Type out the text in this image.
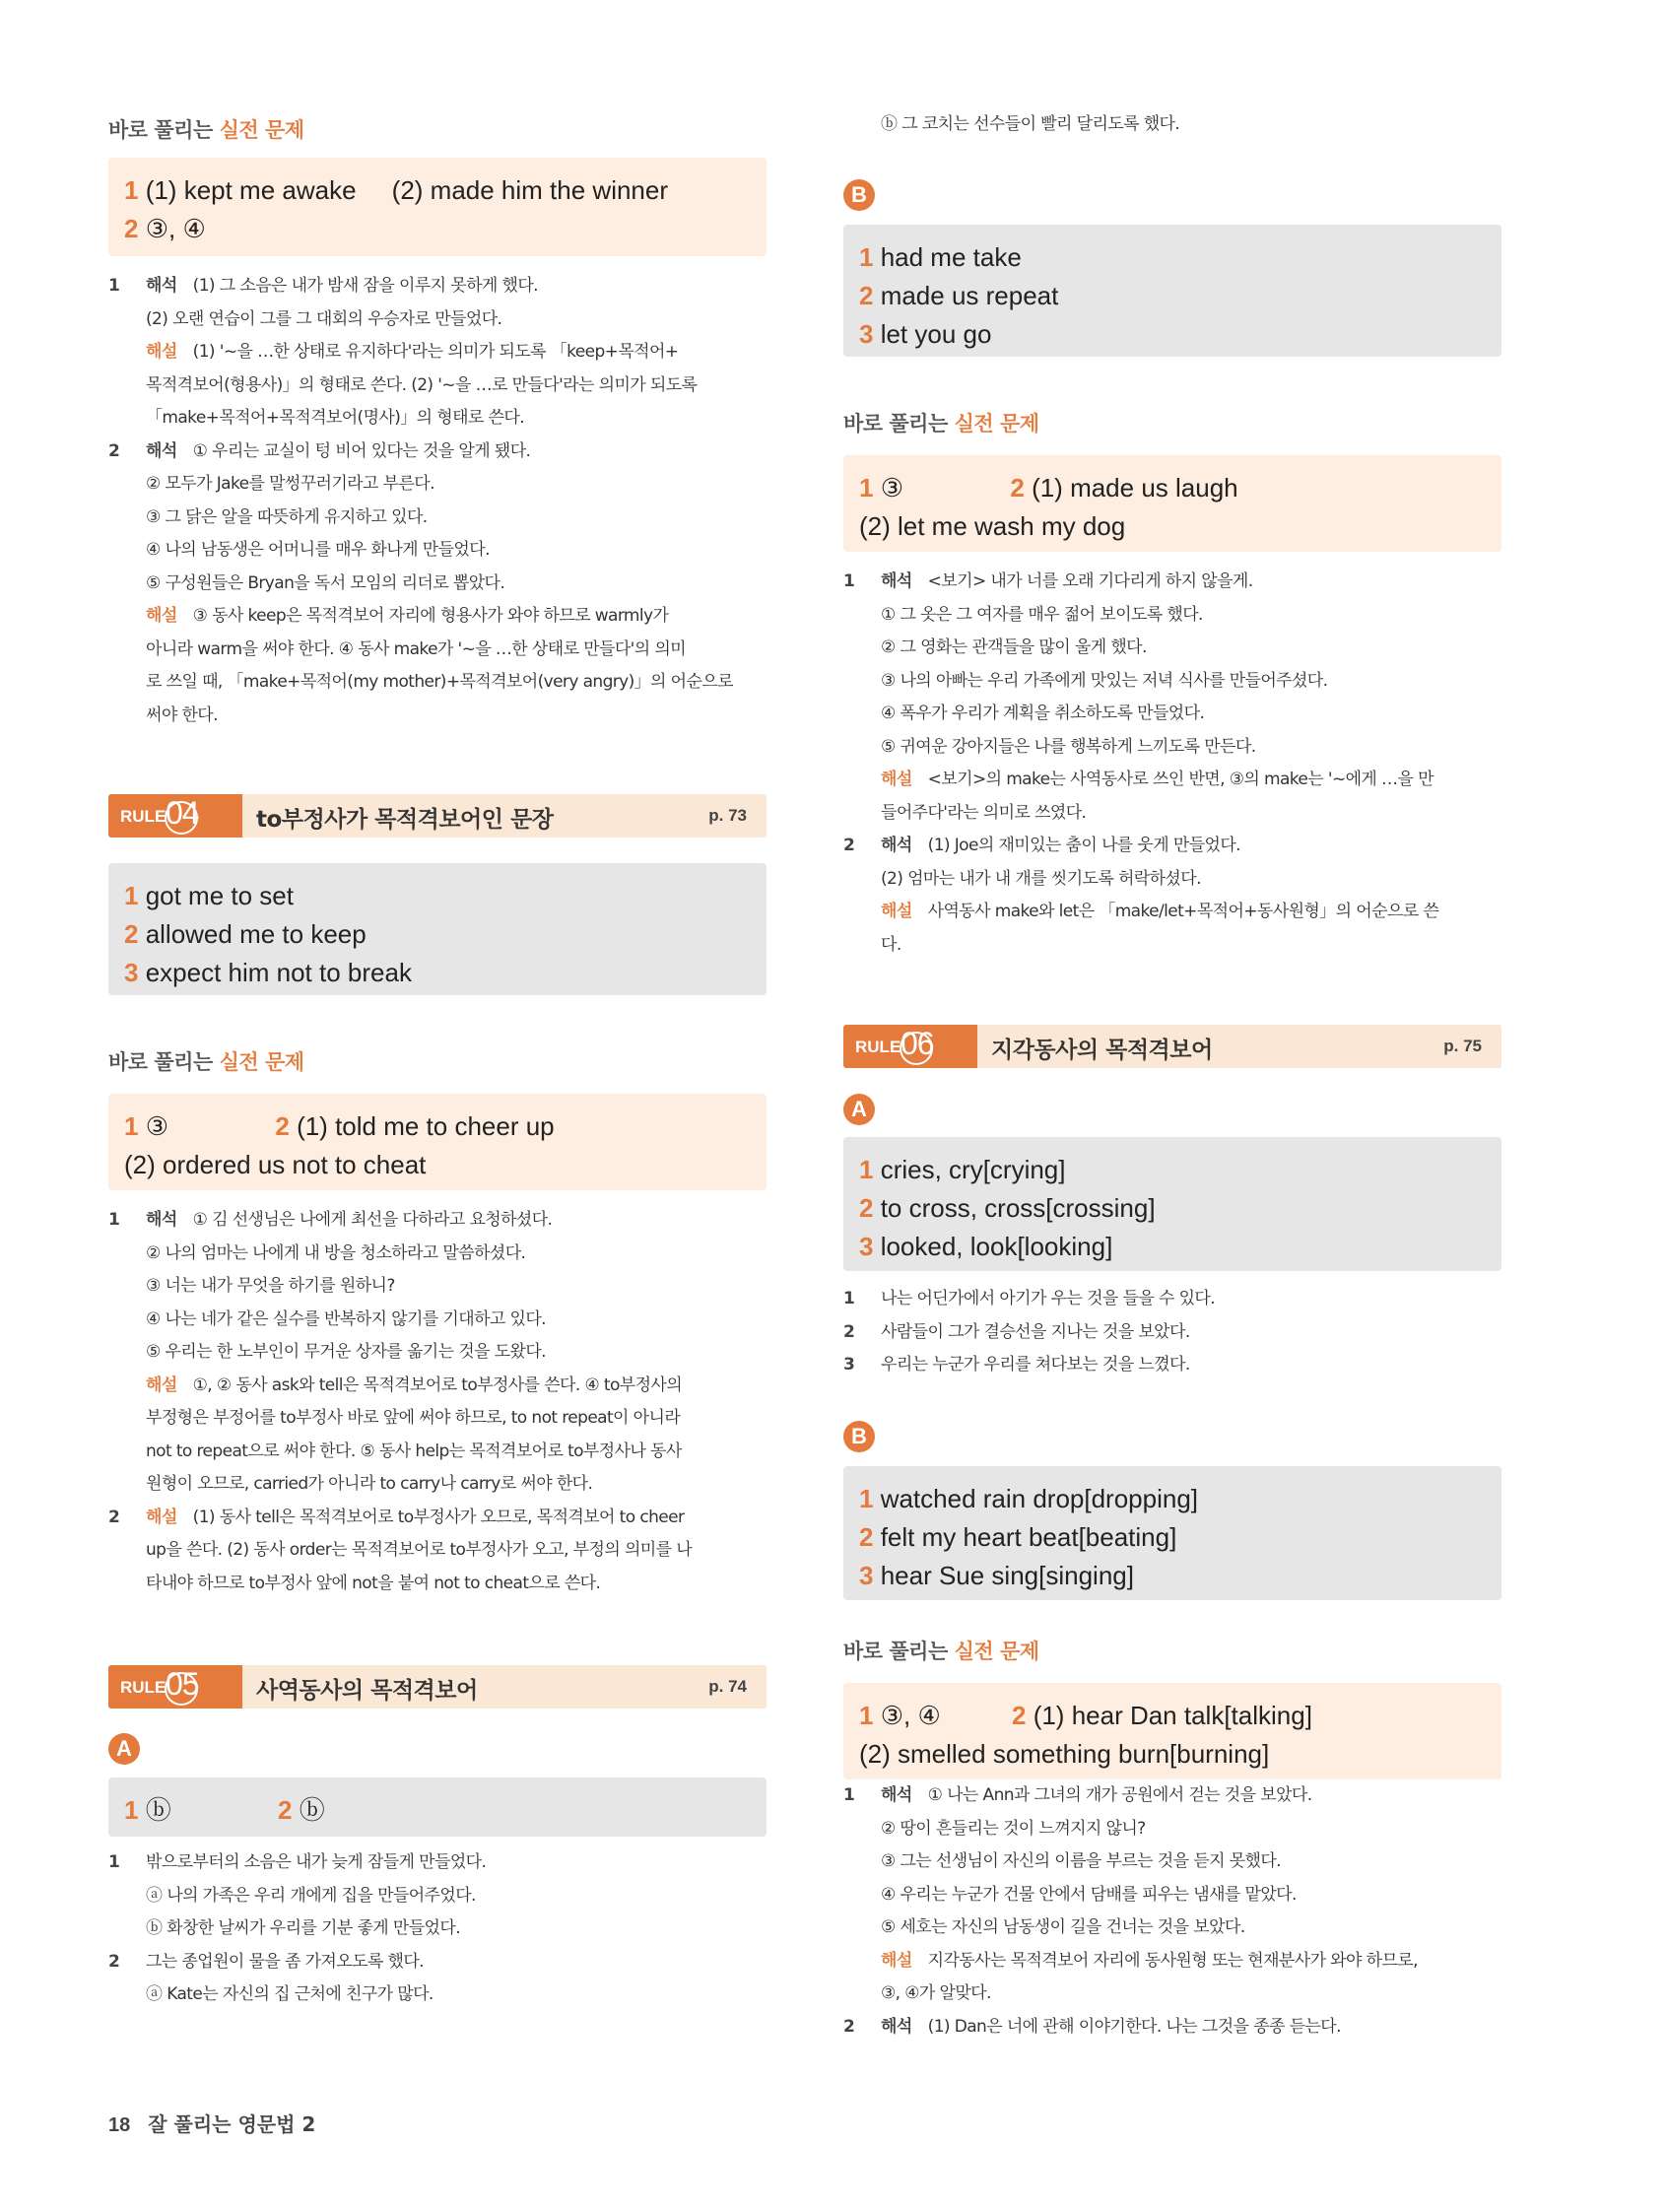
바로 풀리는 실전 문제
1 (1) kept me awake     (2) made him the winner
2 ③, ④
1 해석 (1) 그 소음은 내가 밤새 잠을 이루지 못하게 했다.
(2) 오랜 연습이 그를 그 대회의 우승자로 만들었다.
해설 (1) '~을 …한 상태로 유지하다'라는 의미가 되도록 「keep+목적어+
목적격보어(형용사)」의 형태로 쓴다. (2) '~을 …로 만들다'라는 의미가 되도록
「make+목적어+목적격보어(명사)」의 형태로 쓴다.
2 해석 ① 우리는 교실이 텅 비어 있다는 것을 알게 됐다.
② 모두가 Jake를 말썽꾸러기라고 부른다.
③ 그 닭은 알을 따뜻하게 유지하고 있다.
④ 나의 남동생은 어머니를 매우 화나게 만들었다.
⑤ 구성원들은 Bryan을 독서 모임의 리더로 뽑았다.
해설 ③ 동사 keep은 목적격보어 자리에 형용사가 와야 하므로 warmly가
아니라 warm을 써야 한다. ④ 동사 make가 '~을 …한 상태로 만들다'의 의미
로 쓰일 때, 「make+목적어(my mother)+목적격보어(very angry)」의 어순으로
써야 한다.
RULE 04	to부정사가 목적격보어인 문장	p. 73
1 got me to set
2 allowed me to keep
3 expect him not to break
바로 풀리는 실전 문제
1 ③               2 (1) told me to cheer up
(2) ordered us not to cheat
1 해석 ① 김 선생님은 나에게 최선을 다하라고 요청하셨다.
② 나의 엄마는 나에게 내 방을 청소하라고 말씀하셨다.
③ 너는 내가 무엇을 하기를 원하니?
④ 나는 네가 같은 실수를 반복하지 않기를 기대하고 있다.
⑤ 우리는 한 노부인이 무거운 상자를 옮기는 것을 도왔다.
해설 ①, ② 동사 ask와 tell은 목적격보어로 to부정사를 쓴다. ④ to부정사의
부정형은 부정어를 to부정사 바로 앞에 써야 하므로, to not repeat이 아니라
not to repeat으로 써야 한다. ⑤ 동사 help는 목적격보어로 to부정사나 동사
원형이 오므로, carried가 아니라 to carry나 carry로 써야 한다.
2 해설 (1) 동사 tell은 목적격보어로 to부정사가 오므로, 목적격보어 to cheer
up을 쓴다. (2) 동사 order는 목적격보어로 to부정사가 오고, 부정의 의미를 나
타내야 하므로 to부정사 앞에 not을 붙여 not to cheat으로 쓴다.
RULE 05	사역동사의 목적격보어	p. 74
A
1 ⓑ               2 ⓑ
1 밖으로부터의 소음은 내가 늦게 잠들게 만들었다.
ⓐ 나의 가족은 우리 개에게 집을 만들어주었다.
ⓑ 화창한 날씨가 우리를 기분 좋게 만들었다.
2 그는 종업원이 물을 좀 가져오도록 했다.
ⓐ Kate는 자신의 집 근처에 친구가 많다.
ⓑ 그 코치는 선수들이 빨리 달리도록 했다.
B
1 had me take
2 made us repeat
3 let you go
바로 풀리는 실전 문제
1 ③               2 (1) made us laugh
(2) let me wash my dog
1 해석 <보기> 내가 너를 오래 기다리게 하지 않을게.
① 그 옷은 그 여자를 매우 젊어 보이도록 했다.
② 그 영화는 관객들을 많이 울게 했다.
③ 나의 아빠는 우리 가족에게 맛있는 저녁 식사를 만들어주셨다.
④ 폭우가 우리가 계획을 취소하도록 만들었다.
⑤ 귀여운 강아지들은 나를 행복하게 느끼도록 만든다.
해설 <보기>의 make는 사역동사로 쓰인 반면, ③의 make는 '~에게 …을 만
들어주다'라는 의미로 쓰였다.
2 해석 (1) Joe의 재미있는 춤이 나를 웃게 만들었다.
(2) 엄마는 내가 내 개를 씻기도록 허락하셨다.
해설 사역동사 make와 let은 「make/let+목적어+동사원형」의 어순으로 쓴
다.
RULE 06	지각동사의 목적격보어	p. 75
A
1 cries, cry[crying]
2 to cross, cross[crossing]
3 looked, look[looking]
1 나는 어딘가에서 아기가 우는 것을 들을 수 있다.
2 사람들이 그가 결승선을 지나는 것을 보았다.
3 우리는 누군가 우리를 쳐다보는 것을 느꼈다.
B
1 watched rain drop[dropping]
2 felt my heart beat[beating]
3 hear Sue sing[singing]
바로 풀리는 실전 문제
1 ③, ④          2 (1) hear Dan talk[talking]
(2) smelled something burn[burning]
1 해석 ① 나는 Ann과 그녀의 개가 공원에서 걷는 것을 보았다.
② 땅이 흔들리는 것이 느껴지지 않니?
③ 그는 선생님이 자신의 이름을 부르는 것을 듣지 못했다.
④ 우리는 누군가 건물 안에서 담배를 피우는 냄새를 맡았다.
⑤ 세호는 자신의 남동생이 길을 건너는 것을 보았다.
해설 지각동사는 목적격보어 자리에 동사원형 또는 현재분사가 와야 하므로,
③, ④가 알맞다.
2 해석 (1) Dan은 너에 관해 이야기한다. 나는 그것을 종종 듣는다.
18 잘 풀리는 영문법 2
